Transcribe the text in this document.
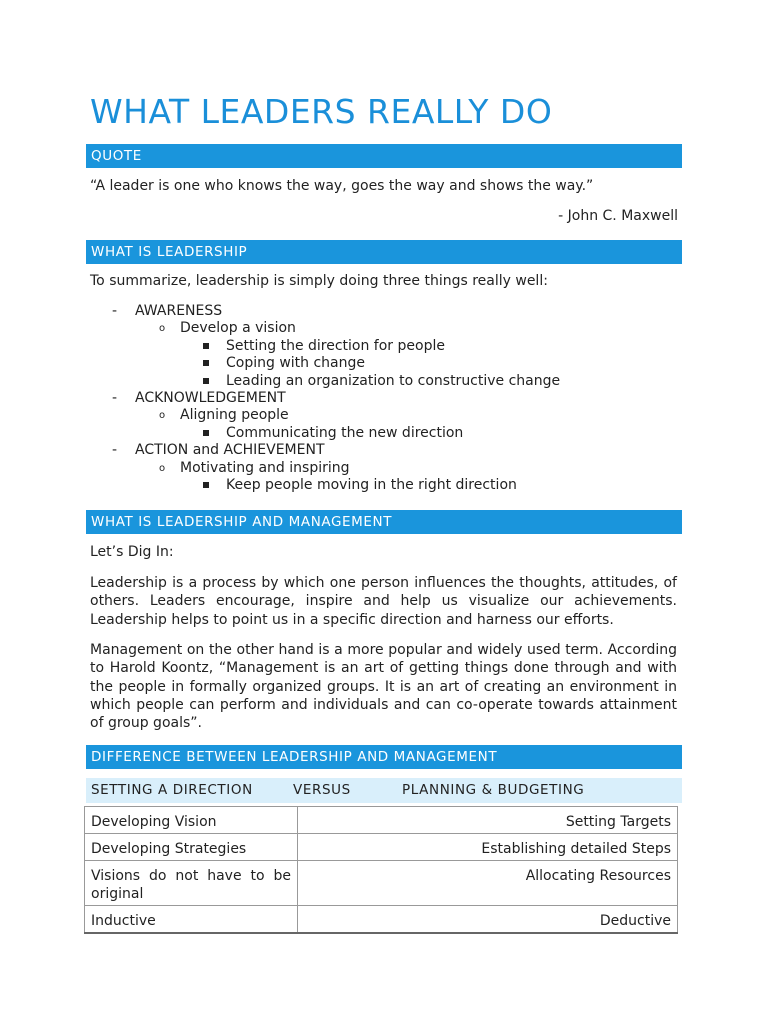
WHAT LEADERS REALLY DO
QUOTE
“A leader is one who knows the way, goes the way and shows the way.”
- John C. Maxwell
WHAT IS LEADERSHIP
To summarize, leadership is simply doing three things really well:
- AWARENESS
o Develop a vision
Setting the direction for people
Coping with change
Leading an organization to constructive change
- ACKNOWLEDGEMENT
o Aligning people
Communicating the new direction
- ACTION and ACHIEVEMENT
o Motivating and inspiring
Keep people moving in the right direction
WHAT IS LEADERSHIP AND MANAGEMENT
Let’s Dig In:
Leadership is a process by which one person influences the thoughts, attitudes, of others. Leaders encourage, inspire and help us visualize our achievements. Leadership helps to point us in a specific direction and harness our efforts.
Management on the other hand is a more popular and widely used term. According to Harold Koontz, “Management is an art of getting things done through and with the people in formally organized groups. It is an art of creating an environment in which people can perform and individuals and can co-operate towards attainment of group goals”.
DIFFERENCE BETWEEN LEADERSHIP AND MANAGEMENT
SETTING A DIRECTION	VERSUS	PLANNING & BUDGETING
Developing Vision	Setting Targets
Developing Strategies	Establishing detailed Steps
Visions do not have to be original	Allocating Resources
Inductive	Deductive
